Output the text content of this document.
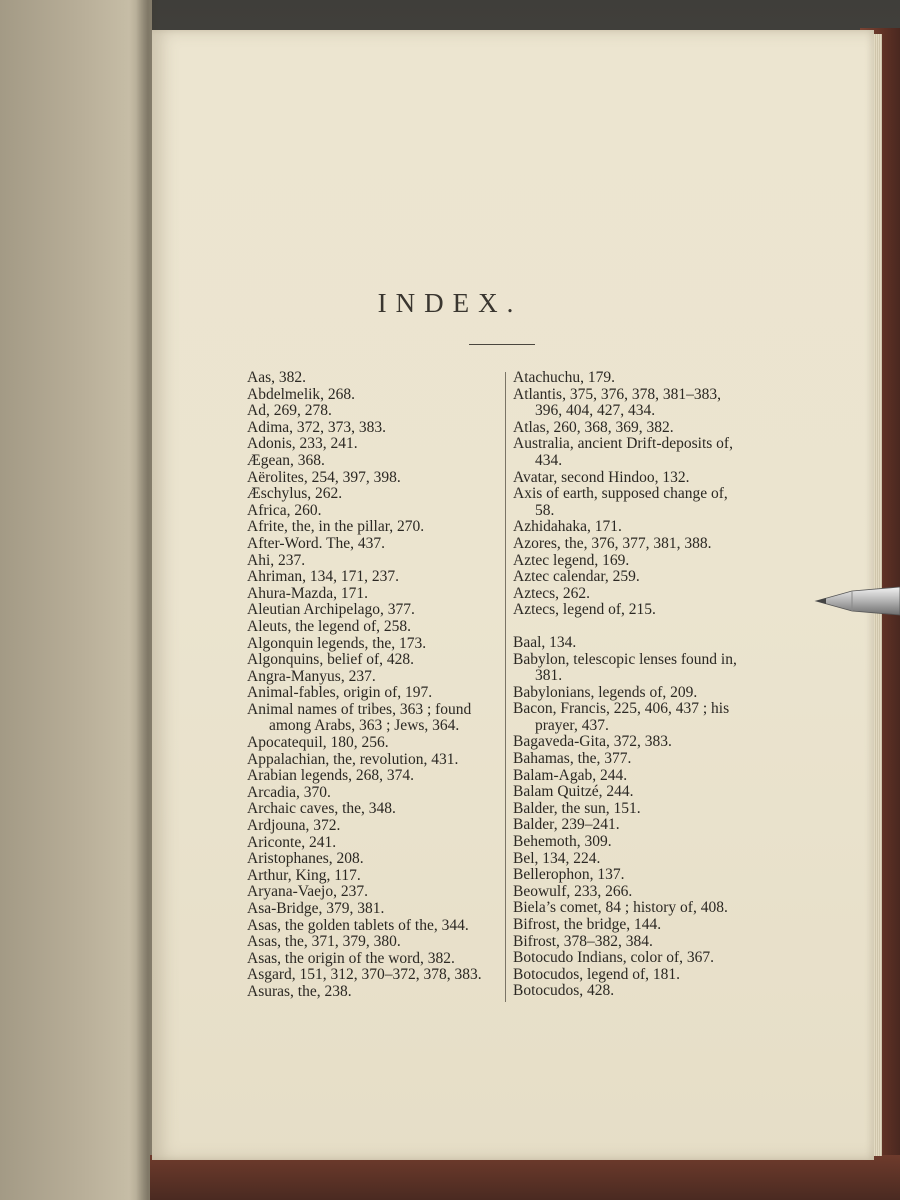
INDEX.
Aas, 382.
Abdelmelik, 268.
Ad, 269, 278.
Adima, 372, 373, 383.
Adonis, 233, 241.
Ægean, 368.
Aërolites, 254, 397, 398.
Æschylus, 262.
Africa, 260.
Afrite, the, in the pillar, 270.
After-Word. The, 437.
Ahi, 237.
Ahriman, 134, 171, 237.
Ahura-Mazda, 171.
Aleutian Archipelago, 377.
Aleuts, the legend of, 258.
Algonquin legends, the, 173.
Algonquins, belief of, 428.
Angra-Manyus, 237.
Animal-fables, origin of, 197.
Animal names of tribes, 363 ; found
among Arabs, 363 ; Jews, 364.
Apocatequil, 180, 256.
Appalachian, the, revolution, 431.
Arabian legends, 268, 374.
Arcadia, 370.
Archaic caves, the, 348.
Ardjouna, 372.
Ariconte, 241.
Aristophanes, 208.
Arthur, King, 117.
Aryana-Vaejo, 237.
Asa-Bridge, 379, 381.
Asas, the golden tablets of the, 344.
Asas, the, 371, 379, 380.
Asas, the origin of the word, 382.
Asgard, 151, 312, 370–372, 378, 383.
Asuras, the, 238.
Atachuchu, 179.
Atlantis, 375, 376, 378, 381–383,
396, 404, 427, 434.
Atlas, 260, 368, 369, 382.
Australia, ancient Drift-deposits of,
434.
Avatar, second Hindoo, 132.
Axis of earth, supposed change of,
58.
Azhidahaka, 171.
Azores, the, 376, 377, 381, 388.
Aztec legend, 169.
Aztec calendar, 259.
Aztecs, 262.
Aztecs, legend of, 215.
Baal, 134.
Babylon, telescopic lenses found in,
381.
Babylonians, legends of, 209.
Bacon, Francis, 225, 406, 437 ; his
prayer, 437.
Bagaveda-Gita, 372, 383.
Bahamas, the, 377.
Balam-Agab, 244.
Balam Quitzé, 244.
Balder, the sun, 151.
Balder, 239–241.
Behemoth, 309.
Bel, 134, 224.
Bellerophon, 137.
Beowulf, 233, 266.
Biela’s comet, 84 ; history of, 408.
Bifrost, the bridge, 144.
Bifrost, 378–382, 384.
Botocudo Indians, color of, 367.
Botocudos, legend of, 181.
Botocudos, 428.
